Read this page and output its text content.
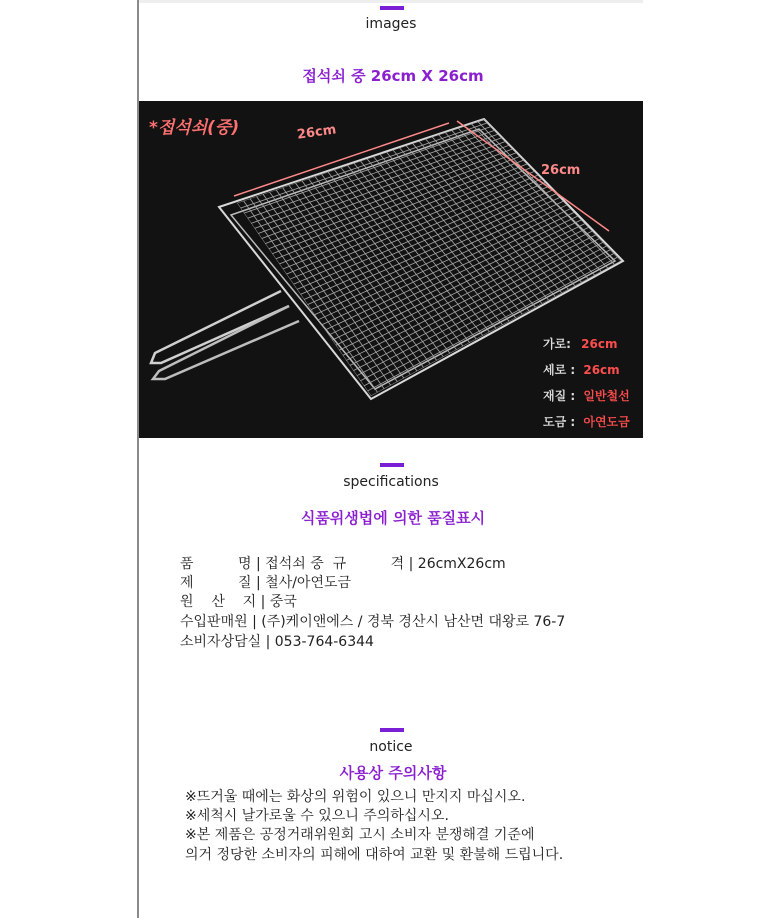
images
접석쇠 중 26cm X 26cm
*접석쇠(중)	26cm
26cm
가로: 26cm
세로 : 26cm
재질 : 일반철선
도금 : 아연도금
specifications
식품위생법에 의한 품질표시
품          명 | 접석쇠 중  규          격 | 26cmX26cm
제          질 | 철사/아연도금
원    산    지 | 중국
수입판매원 | (주)케이앤에스 / 경북 경산시 남산면 대왕로 76-7
소비자상담실 | 053-764-6344
notice
사용상 주의사항
※뜨거울 때에는 화상의 위험이 있으니 만지지 마십시오.
※세척시 날가로울 수 있으니 주의하십시오.
※본 제품은 공정거래위원회 고시 소비자 분쟁해결 기준에
의거 정당한 소비자의 피해에 대하여 교환 및 환불해 드립니다.
